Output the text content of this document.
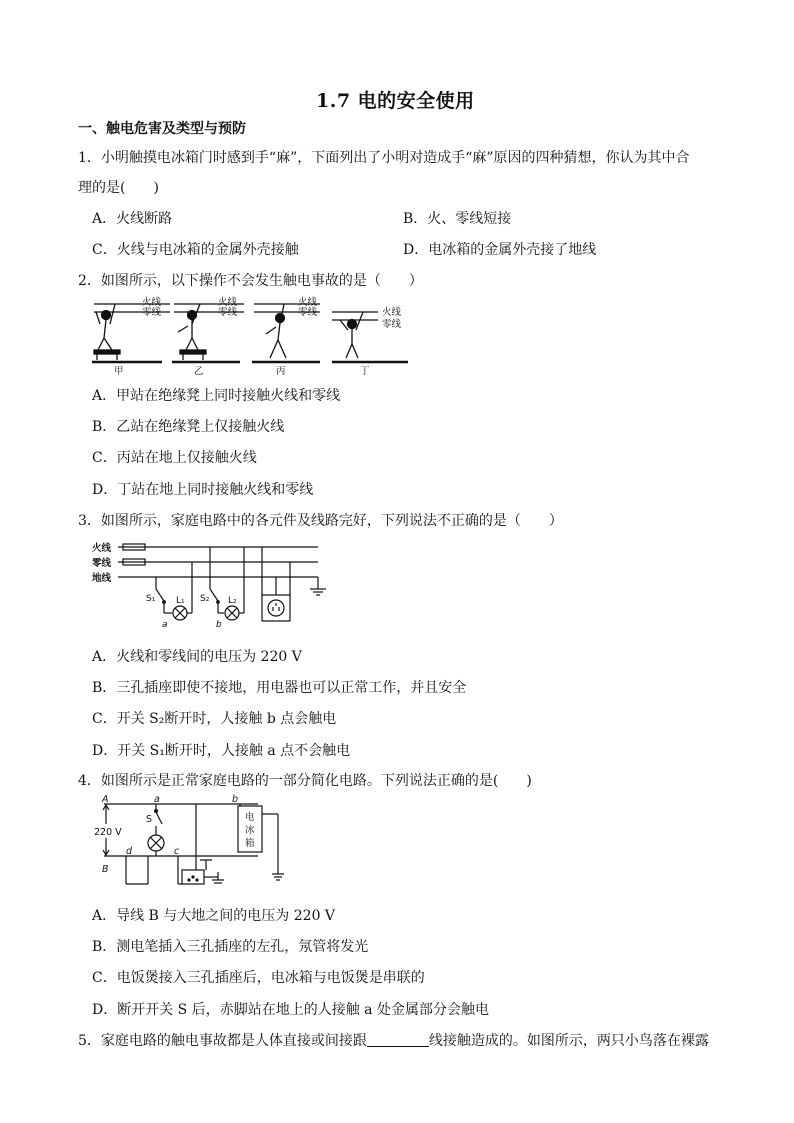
1.7 电的安全使用
一、触电危害及类型与预防
1．小明触摸电冰箱门时感到手“麻”，下面列出了小明对造成手“麻”原因的四种猜想，你认为其中合
理的是(　　)
A．火线断路	B．火、零线短接
C．火线与电冰箱的金属外壳接触	D．电冰箱的金属外壳接了地线
2．如图所示，以下操作不会发生触电事故的是（　　）
火线
零线
火线
零线
火线
零线	火线
零线
甲	乙	丙	丁
A．甲站在绝缘凳上同时接触火线和零线
B．乙站在绝缘凳上仅接触火线
C．丙站在地上仅接触火线
D．丁站在地上同时接触火线和零线
3．如图所示，家庭电路中的各元件及线路完好，下列说法不正确的是（　　）
火线
零线
地线
S₁ L₁
a
S₂ L₂
b
A．火线和零线间的电压为 220 V
B．三孔插座即使不接地，用电器也可以正常工作，并且安全
C．开关 S₂断开时，人接触 b 点会触电
D．开关 S₁断开时，人接触 a 点不会触电
4．如图所示是正常家庭电路的一部分简化电路。下列说法正确的是(　　)
A
B
a	b
c
d
220 V
S	电
冰
箱
A．导线 B 与大地之间的电压为 220 V
B．测电笔插入三孔插座的左孔，氖管将发光
C．电饭煲接入三孔插座后，电冰箱与电饭煲是串联的
D．断开开关 S 后，赤脚站在地上的人接触 a 处金属部分会触电
5．家庭电路的触电事故都是人体直接或间接跟	线接触造成的。如图所示，两只小鸟落在裸露
